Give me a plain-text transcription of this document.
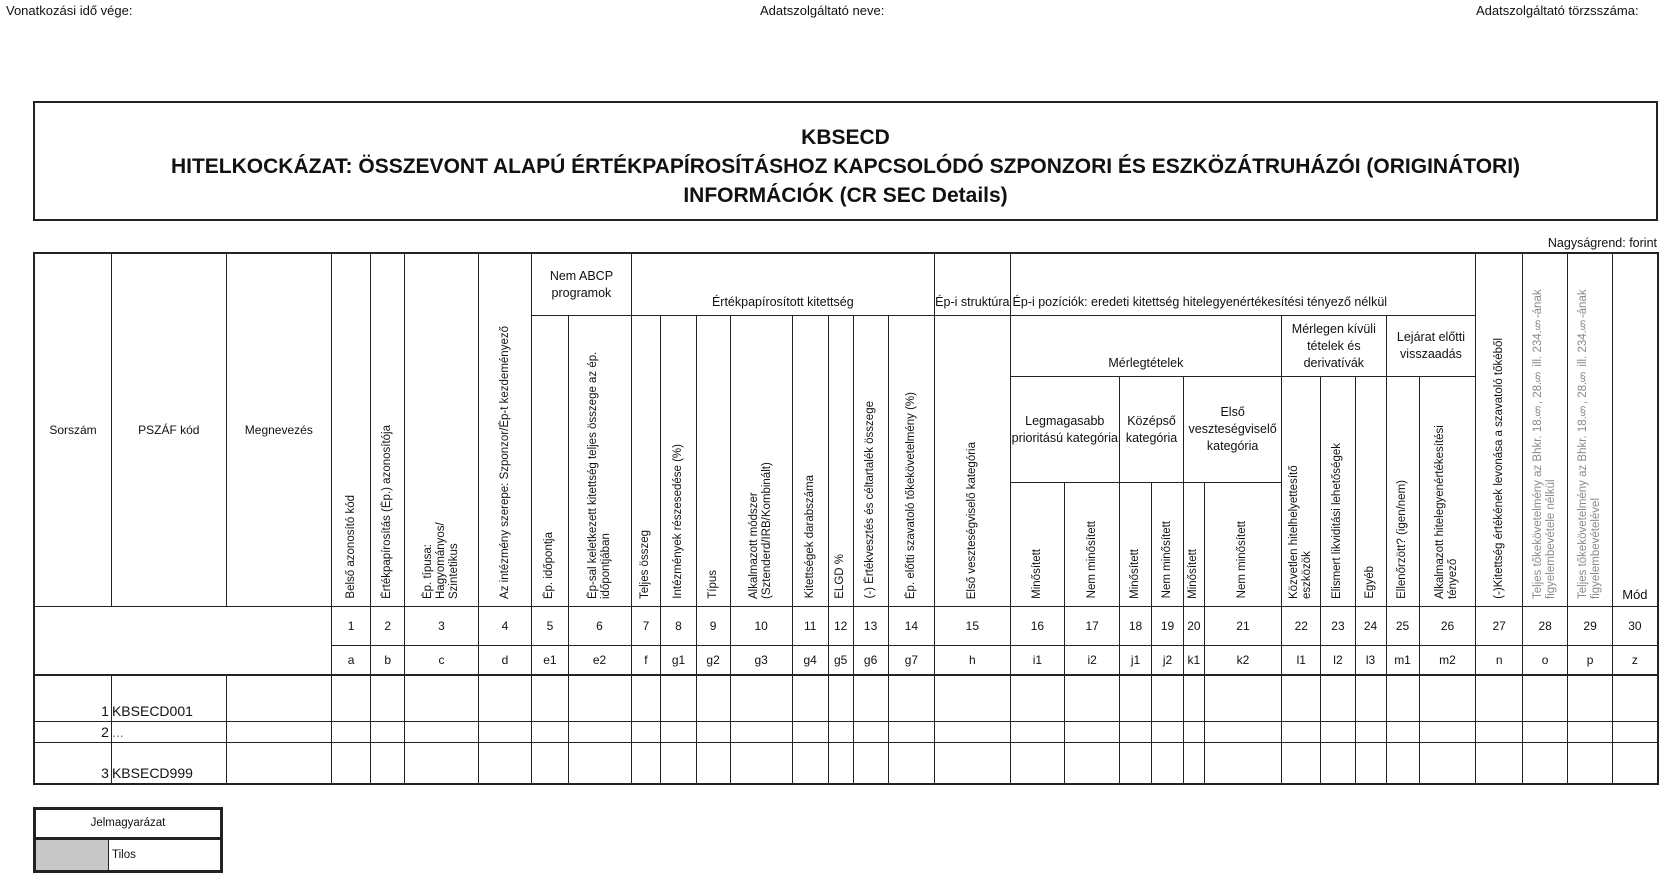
Vonatkozási idő vége:	Adatszolgáltató neve:	Adatszolgáltató törzsszáma:
KBSECD
HITELKOCKÁZAT: ÖSSZEVONT ALAPÚ ÉRTÉKPAPÍROSÍTÁSHOZ KAPCSOLÓDÓ SZPONZORI ÉS ESZKÖZÁTRUHÁZÓI (ORIGINÁTORI)
INFORMÁCIÓK (CR SEC Details)
Nagyságrend: forint
Sorszám	PSZÁF kód	Megnevezés	Belső azonosító kód	Értékpapírosítás (Ép.) azonosítója	Ép. típusa: Hagyományos/ Szintetikus	Az intézmény szerepe: Szponzor/Ép-t kezdeményező	Nem ABCP programok		Értékpapírosított kitettség								Ép-i struktúra	Ép-i pozíciók: eredeti kitettség hitelegyenértékesítési tényező nélkül											(-)Kitettség értékének levonása a szavatoló tőkéből	Teljes tőkekövetelmény az Bhkr. 18.§, 28.§ ill. 234.§-ának figyelembevétele nélkül	Teljes tőkekövetelmény az Bhkr. 18.§, 28.§ ill. 234.§-ának figyelembevételével	Mód
							Ép. időpontja	Ép-sal keletkezett kitettség teljes összege az ép. időpontjában	Teljes összeg	Intézmények részesedése (%)	Típus	Alkalmazott módszer (Sztenderd/IRB/Kombinált)	Kitettségek darabszáma	ELGD %	(-) Értékvesztés és céltartalék összege	Ép. előtti szavatoló tőkekövetelmény (%)	Első veszteségviselő kategória	Mérlegtételek						Mérlegen kívüli tételek és derivatívák			Lejárat előtti visszaadás					

																		Legmagasabb prioritású kategória		Középső kategória		Első veszteségviselő kategória		Közvetlen hitelhelyettesítő eszközök	Elismert likviditási lehetőségek	Egyéb	Ellenőrzött? (igen/nem)	Alkalmazott hitelegyenértékesítési tényező				
																		Minősített	Nem minősített	Minősített	Nem minősített	Minősített	Nem minősített									
			1	2	3	4	5	6	7	8	9	10	11	12	13	14	15	16	17	18	19	20	21	22	23	24	25	26	27	28	29	30
			a	b	c	d	e1	e2	f	g1	g2	g3	g4	g5	g6	g7	h	i1	i2	j1	j2	k1	k2	l1	l2	l3	m1	m2	n	o	p	z
1	KBSECD001																															
2	...																															
3	KBSECD999																															
Jelmagyarázat
Tilos
